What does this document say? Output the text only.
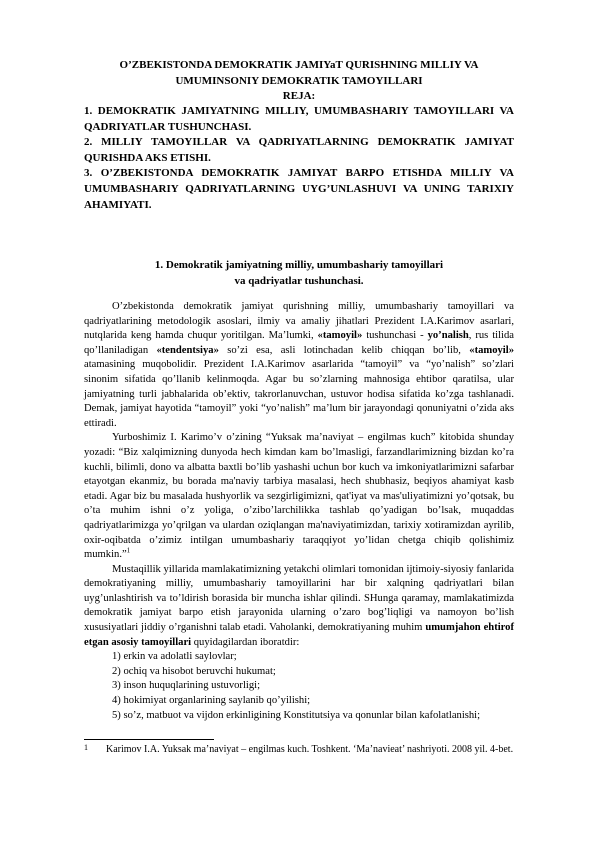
O’ZBEKISTONDA DEMOKRATIK JAMIYaT QURISHNING MILLIY VA
UMUMINSONIY DEMOKRATIK TAMOYILLARI
REJA:
1. DEMOKRATIK JAMIYATNING MILLIY, UMUMBASHARIY TAMOYILLARI VA QADRIYATLAR TUSHUNCHASI.
2. MILLIY TAMOYILLAR VA QADRIYATLARNING DEMOKRATIK JAMIYAT QURISHDA AKS ETISHI.
3. O’ZBEKISTONDA DEMOKRATIK JAMIYAT BARPO ETISHDA MILLIY VA UMUMBASHARIY QADRIYATLARNING UYG’UNLASHUVI VA UNING TARIXIY AHAMIYATI.
1. Demokratik jamiyatning milliy, umumbashariy tamoyillari
va qadriyatlar tushunchasi.

O’zbekistonda demokratik jamiyat qurishning milliy, umumbashariy tamoyillari va qadriyatlarining metodologik asoslari, ilmiy va amaliy jihatlari Prezident I.A.Karimov asarlari, nutqlarida keng hamda chuqur yoritilgan. Ma’lumki, «tamoyil» tushunchasi - yo’nalish, rus tilida qo’llaniladigan «tendentsiya» so’zi esa, asli lotinchadan kelib chiqqan bo’lib, «tamoyil» atamasining muqobolidir. Prezident I.A.Karimov asarlarida “tamoyil” va “yo’nalish” so’zlari sinonim sifatida qo’llanib kelinmoqda. Agar bu so’zlarning mahnosiga ehtibor qaratilsa, ular jamiyatning turli jabhalarida ob’ektiv, takrorlanuvchan, ustuvor hodisa sifatida ko’zga tashlanadi. Demak, jamiyat hayotida “tamoyil” yoki “yo’nalish” ma’lum bir jarayondagi qonuniyatni o’zida aks ettiradi.

Yurboshimiz I. Karimo’v o’zining “Yuksak ma’naviyat – engilmas kuch” kitobida shunday yozadi: “Biz xalqimizning dunyoda hech kimdan kam bo’lmasligi, farzandlarimizning bizdan ko’ra kuchli, bilimli, dono va albatta baxtli bo’lib yashashi uchun bor kuch va imkoniyatlarimizni safarbar etayotgan ekanmiz, bu borada ma'naviy tarbiya masalasi, hech shubhasiz, beqiyos ahamiyat kasb etadi. Agar biz bu masalada hushyorlik va sezgirligimizni, qat'iyat va mas'uliyatimizni yo’qotsak, bu o’ta muhim ishni o’z yoliga, o’zibo’larchilikka tashlab qo’yadigan bo’lsak, muqaddas qadriyatlarimizga yo’qrilgan va ulardan oziqlangan ma'naviyatimizdan, tarixiy xotiramizdan ayrilib, oxir-oqibatda o’zimiz intilgan umumbashariy taraqqiyot yo’lidan chetga chiqib qolishimiz mumkin.”$^1$

Mustaqillik yillarida mamlakatimizning yetakchi olimlari tomonidan ijtimoiy-siyosiy fanlarida demokratiyaning milliy, umumbashariy tamoyillarini har bir xalqning qadriyatlari bilan uyg’unlashtirish va to’ldirish borasida bir muncha ishlar qilindi. SHunga qaramay, mamlakatimizda demokratik jamiyat barpo etish jarayonida ularning o’zaro bog’liqligi va namoyon bo’lish xususiyatlari jiddiy o’rganishni talab etadi. Vaholanki, demokratiyaning muhim umumjahon ehtirof etgan asosiy tamoyillari quyidagilardan iboratdir:

1) erkin va adolatli saylovlar;
2) ochiq va hisobot beruvchi hukumat;
3) inson huquqlarining ustuvorligi;
4) hokimiyat organlarining saylanib qo’yilishi;
5) so’z, matbuot va vijdon erkinligining Konstitutsiya va qonunlar bilan kafolatlanishi;
1	Karimov I.A. Yuksak ma’naviyat – engilmas kuch. Toshkent. ‘Ma’navieat’ nashriyoti. 2008 yil. 4-bet.
